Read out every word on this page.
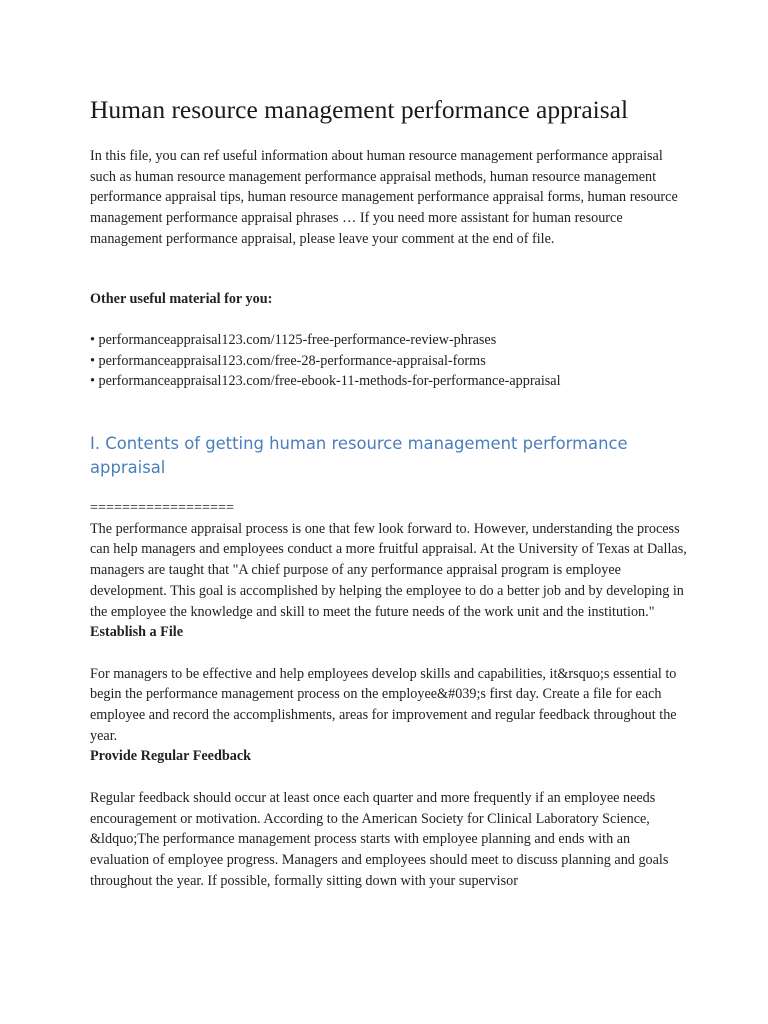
Human resource management performance appraisal

In this file, you can ref useful information about human resource management performance appraisal such as human resource management performance appraisal methods, human resource management performance appraisal tips, human resource management performance appraisal forms, human resource management performance appraisal phrases … If you need more assistant for human resource management performance appraisal, please leave your comment at the end of file.

Other useful material for you:

• performanceappraisal123.com/1125-free-performance-review-phrases
• performanceappraisal123.com/free-28-performance-appraisal-forms
• performanceappraisal123.com/free-ebook-11-methods-for-performance-appraisal
I. Contents of getting human resource management performance appraisal

==================

The performance appraisal process is one that few look forward to. However, understanding the process can help managers and employees conduct a more fruitful appraisal. At the University of Texas at Dallas, managers are taught that "A chief purpose of any performance appraisal program is employee development. This goal is accomplished by helping the employee to do a better job and by developing in the employee the knowledge and skill to meet the future needs of the work unit and the institution."

Establish a File

For managers to be effective and help employees develop skills and capabilities, it&rsquo;s essential to begin the performance management process on the employee&#039;s first day. Create a file for each employee and record the accomplishments, areas for improvement and regular feedback throughout the year.

Provide Regular Feedback

Regular feedback should occur at least once each quarter and more frequently if an employee needs encouragement or motivation. According to the American Society for Clinical Laboratory Science, &ldquo;The performance management process starts with employee planning and ends with an evaluation of employee progress. Managers and employees should meet to discuss planning and goals throughout the year. If possible, formally sitting down with your supervisor
